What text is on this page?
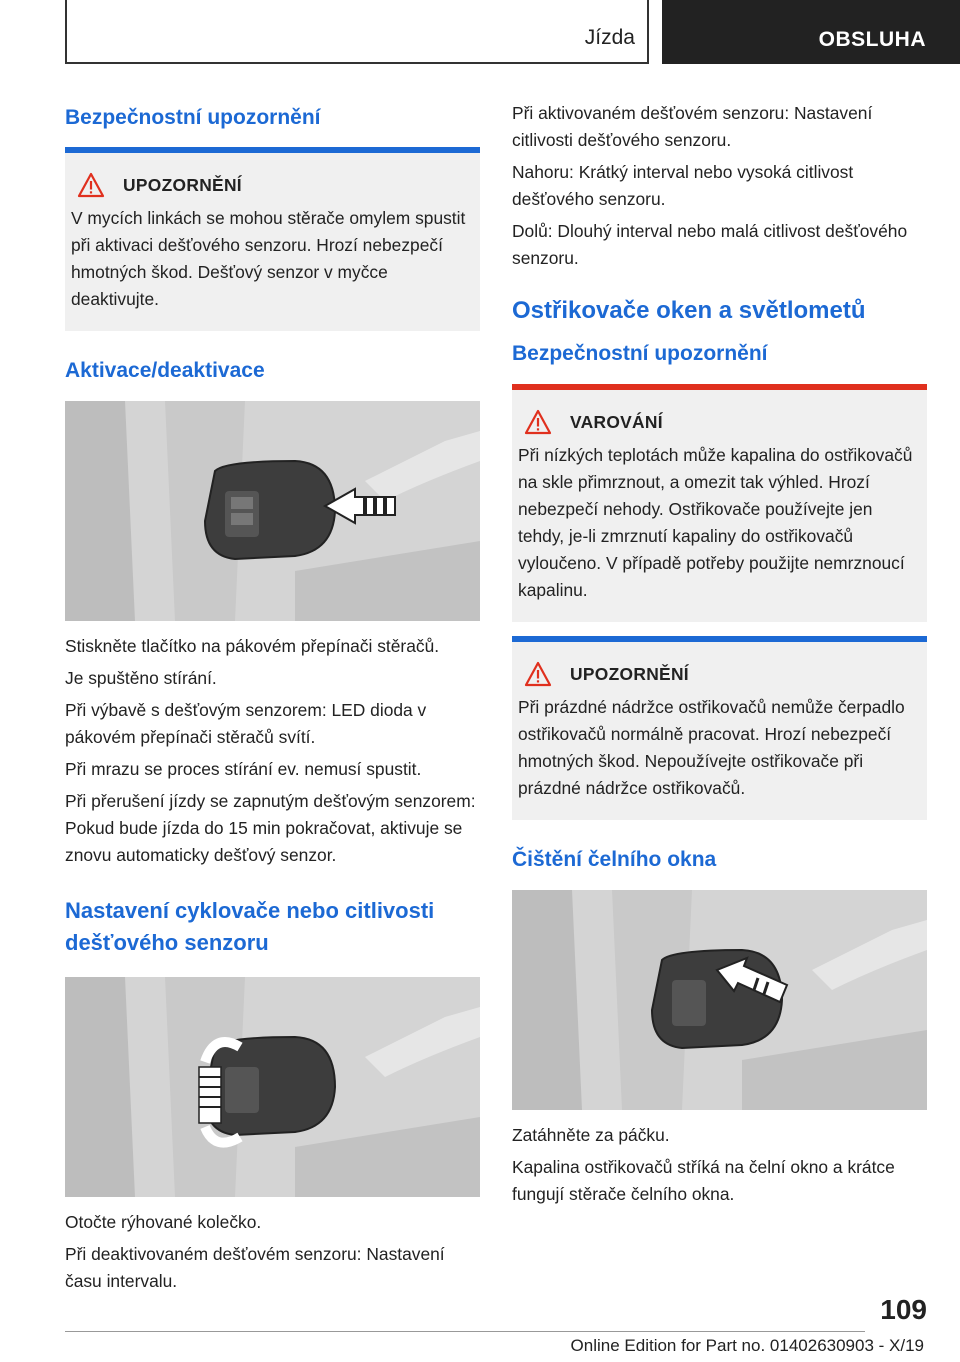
Jízda	OBSLUHA
Bezpečnostní upozornění
UPOZORNĚNÍ

V mycích linkách se mohou stěrače omylem spustit při aktivaci dešťového senzoru. Hrozí nebezpečí hmotných škod. Dešťový senzor v myčce deaktivujte.

Aktivace/deaktivace

Stiskněte tlačítko na pákovém přepínači stěračů.

Je spuštěno stírání.

Při výbavě s dešťovým senzorem: LED dioda v pákovém přepínači stěračů svítí.

Při mrazu se proces stírání ev. nemusí spustit.

Při přerušení jízdy se zapnutým dešťovým senzorem: Pokud bude jízda do 15 min pokračovat, aktivuje se znovu automaticky dešťový senzor.

Nastavení cyklovače nebo citlivosti dešťového senzoru

Otočte rýhované kolečko.

Při deaktivovaném dešťovém senzoru: Nastavení času intervalu.

Při aktivovaném dešťovém senzoru: Nastavení citlivosti dešťového senzoru.

Nahoru: Krátký interval nebo vysoká citlivost dešťového senzoru.

Dolů: Dlouhý interval nebo malá citlivost dešťového senzoru.

Ostřikovače oken a světlometů
Bezpečnostní upozornění
VAROVÁNÍ

Při nízkých teplotách může kapalina do ostřikovačů na skle přimrznout, a omezit tak výhled. Hrozí nebezpečí nehody. Ostřikovače používejte jen tehdy, je-li zmrznutí kapaliny do ostřikovačů vyloučeno. V případě potřeby použijte nemrznoucí kapalinu.

UPOZORNĚNÍ

Při prázdné nádržce ostřikovačů nemůže čerpadlo ostřikovačů normálně pracovat. Hrozí nebezpečí hmotných škod. Nepoužívejte ostřikovače při prázdné nádržce ostřikovačů.

Čištění čelního okna

Zatáhněte za páčku.

Kapalina ostřikovačů stříká na čelní okno a krátce fungují stěrače čelního okna.

109
Online Edition for Part no. 01402630903 - X/19
